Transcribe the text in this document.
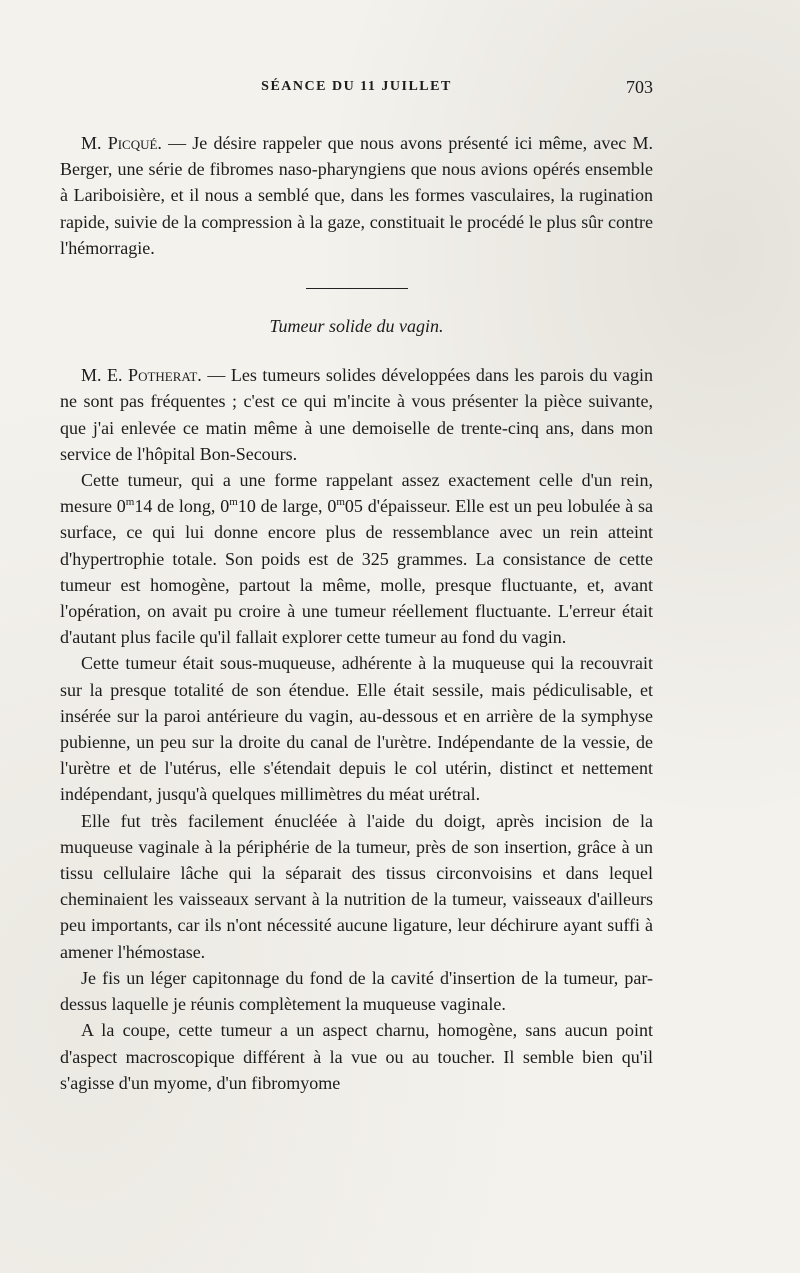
SÉANCE DU 11 JUILLET	703

M. Picqué. — Je désire rappeler que nous avons présenté ici même, avec M. Berger, une série de fibromes naso-pharyngiens que nous avions opérés ensemble à Lariboisière, et il nous a semblé que, dans les formes vasculaires, la rugination rapide, suivie de la compression à la gaze, constituait le procédé le plus sûr contre l'hémorragie.

Tumeur solide du vagin.

M. E. Potherat. — Les tumeurs solides développées dans les parois du vagin ne sont pas fréquentes ; c'est ce qui m'incite à vous présenter la pièce suivante, que j'ai enlevée ce matin même à une demoiselle de trente-cinq ans, dans mon service de l'hôpital Bon-Secours.

Cette tumeur, qui a une forme rappelant assez exactement celle d'un rein, mesure 0$^m$14 de long, 0$^m$10 de large, 0$^m$05 d'épaisseur. Elle est un peu lobulée à sa surface, ce qui lui donne encore plus de ressemblance avec un rein atteint d'hypertrophie totale. Son poids est de 325 grammes. La consistance de cette tumeur est homogène, partout la même, molle, presque fluctuante, et, avant l'opération, on avait pu croire à une tumeur réellement fluctuante. L'erreur était d'autant plus facile qu'il fallait explorer cette tumeur au fond du vagin.

Cette tumeur était sous-muqueuse, adhérente à la muqueuse qui la recouvrait sur la presque totalité de son étendue. Elle était sessile, mais pédiculisable, et insérée sur la paroi antérieure du vagin, au-dessous et en arrière de la symphyse pubienne, un peu sur la droite du canal de l'urètre. Indépendante de la vessie, de l'urètre et de l'utérus, elle s'étendait depuis le col utérin, distinct et nettement indépendant, jusqu'à quelques millimètres du méat urétral.

Elle fut très facilement énucléée à l'aide du doigt, après incision de la muqueuse vaginale à la périphérie de la tumeur, près de son insertion, grâce à un tissu cellulaire lâche qui la séparait des tissus circonvoisins et dans lequel cheminaient les vaisseaux servant à la nutrition de la tumeur, vaisseaux d'ailleurs peu importants, car ils n'ont nécessité aucune ligature, leur déchirure ayant suffi à amener l'hémostase.

Je fis un léger capitonnage du fond de la cavité d'insertion de la tumeur, par-dessus laquelle je réunis complètement la muqueuse vaginale.

A la coupe, cette tumeur a un aspect charnu, homogène, sans aucun point d'aspect macroscopique différent à la vue ou au toucher. Il semble bien qu'il s'agisse d'un myome, d'un fibromyome
